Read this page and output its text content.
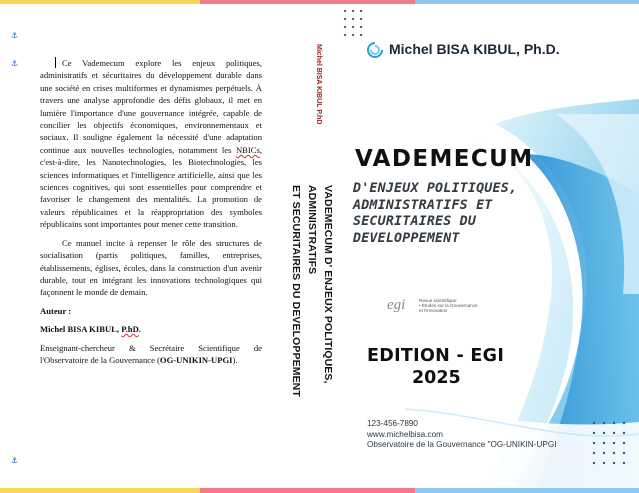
⚓
⚓
⚓

Ce Vademecum explore les enjeux politiques, administratifs et sécuritaires du développement durable dans une société en crises multiformes et dynamismes perpétuels. À travers une analyse approfondie des défis globaux, il met en lumière l'importance d'une gouvernance intégrée, capable de concilier les objectifs économiques, environnementaux et sociaux. Il souligne également la nécessité d'une adaptation continue aux nouvelles technologies, notamment les NBICs, c'est-à-dire, les Nanotechnologies, les Biotechnologies, les sciences informatiques et l'intelligence artificielle, ainsi que les sciences cognitives, qui sont essentielles pour comprendre et favoriser le changement des mentalités. La promotion de valeurs républicaines et la réappropriation des symboles républicains sont importantes pour mener cette transition.

Ce manuel incite à repenser le rôle des structures de socialisation (partis politiques, familles, entreprises, établissements, églises, écoles, dans la construction d'un avenir durable, tout en intégrant les innovations technologiques qui façonnent le monde de demain.

Auteur :

Michel BISA KIBUL, P.hD.

Enseignant-chercheur & Secrétaire Scientifique de l'Observatoire de la Gouvernance (OG-UNIKIN-UPGI).

Michel BISA KIBUL P.hD
VADEMECUM D' ENJEUX POLITIQUES, ADMINISTRATIFS
ET SECURITAIRES DU DEVELOPPEMENT
Michel BISA KIBUL, Ph.D.
VADEMECUM
D'ENJEUX POLITIQUES,
ADMINISTRATIFS ET
SECURITAIRES DU
DEVELOPPEMENT
egi	Revue scientifique
• Études sur la Gouvernance
et l'Innovation
EDITION - EGI
2025
123-456-7890
www.michelbisa.com
Observatoire de la Gouvernance "OG-UNIKIN-UPGI
